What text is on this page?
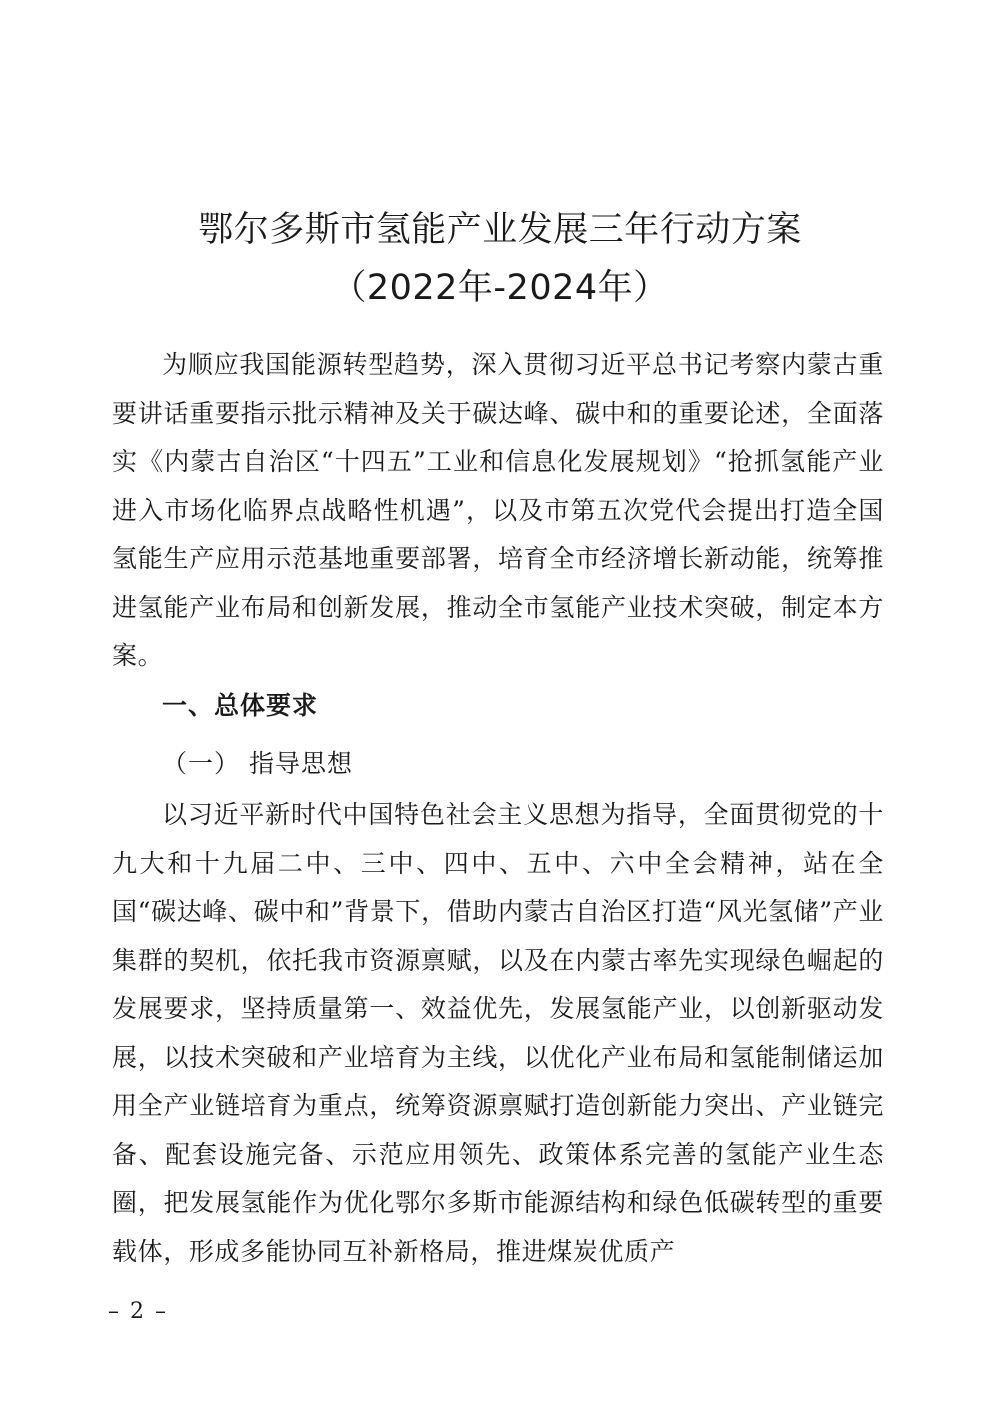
鄂尔多斯市氢能产业发展三年行动方案
（2022年-2024年）

为顺应我国能源转型趋势，深入贯彻习近平总书记考察内蒙古重要讲话重要指示批示精神及关于碳达峰、碳中和的重要论述，全面落实《内蒙古自治区“十四五”工业和信息化发展规划》“抢抓氢能产业进入市场化临界点战略性机遇”，以及市第五次党代会提出打造全国氢能生产应用示范基地重要部署，培育全市经济增长新动能，统筹推进氢能产业布局和创新发展，推动全市氢能产业技术突破，制定本方案。

一、总体要求
（一） 指导思想

以习近平新时代中国特色社会主义思想为指导，全面贯彻党的十九大和十九届二中、三中、四中、五中、六中全会精神，站在全国“碳达峰、碳中和”背景下，借助内蒙古自治区打造“风光氢储”产业集群的契机，依托我市资源禀赋，以及在内蒙古率先实现绿色崛起的发展要求，坚持质量第一、效益优先，发展氢能产业，以创新驱动发展，以技术突破和产业培育为主线，以优化产业布局和氢能制储运加用全产业链培育为重点，统筹资源禀赋打造创新能力突出、产业链完备、配套设施完备、示范应用领先、政策体系完善的氢能产业生态圈，把发展氢能作为优化鄂尔多斯市能源结构和绿色低碳转型的重要载体，形成多能协同互补新格局，推进煤炭优质产

– 2 –
